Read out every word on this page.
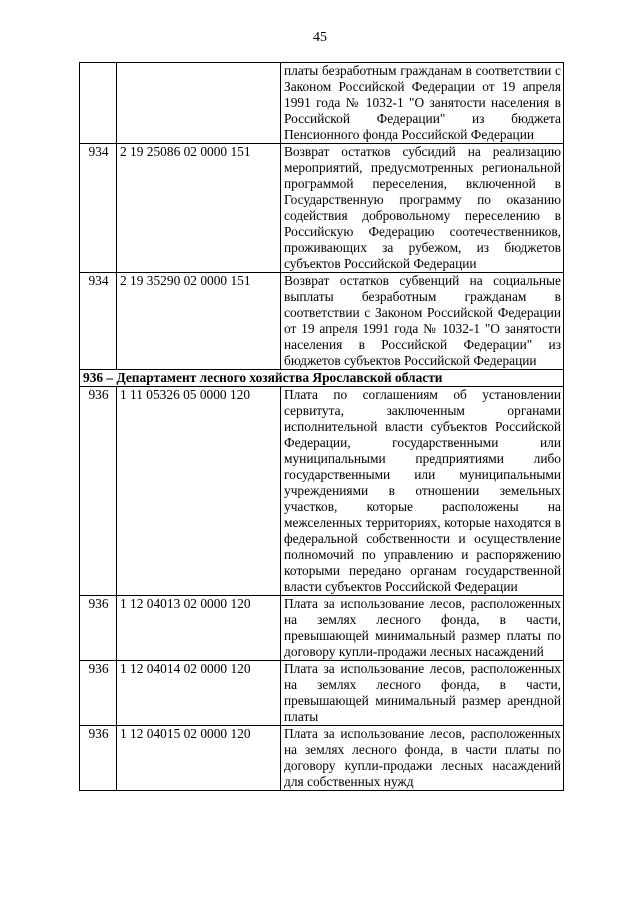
45
		платы безработным гражданам в соответствии с Законом Российской Федерации от 19 апреля 1991 года № 1032-1 "О занятости населения в Российской Федерации" из бюджета Пенсионного фонда Российской Федерации
934	2 19 25086 02 0000 151	Возврат остатков субсидий на реализацию мероприятий, предусмотренных региональной программой переселения, включенной в Государственную программу по оказанию содействия добровольному переселению в Российскую Федерацию соотечественников, проживающих за рубежом, из бюджетов субъектов Российской Федерации
934	2 19 35290 02 0000 151	Возврат остатков субвенций на социальные выплаты безработным гражданам в соответствии с Законом Российской Федерации от 19 апреля 1991 года № 1032-1 "О занятости населения в Российской Федерации" из бюджетов субъектов Российской Федерации
936 – Департамент лесного хозяйства Ярославской области		
936	1 11 05326 05 0000 120	Плата по соглашениям об установлении сервитута, заключенным органами исполнительной власти субъектов Российской Федерации, государственными или муниципальными предприятиями либо государственными или муниципальными учреждениями в отношении земельных участков, которые расположены на межселенных территориях, которые находятся в федеральной собственности и осуществление полномочий по управлению и распоряжению которыми передано органам государственной власти субъектов Российской Федерации
936	1 12 04013 02 0000 120	Плата за использование лесов, расположенных на землях лесного фонда, в части, превышающей минимальный размер платы по договору купли-продажи лесных насаждений
936	1 12 04014 02 0000 120	Плата за использование лесов, расположенных на землях лесного фонда, в части, превышающей минимальный размер арендной платы
936	1 12 04015 02 0000 120	Плата за использование лесов, расположенных на землях лесного фонда, в части платы по договору купли-продажи лесных насаждений для собственных нужд
